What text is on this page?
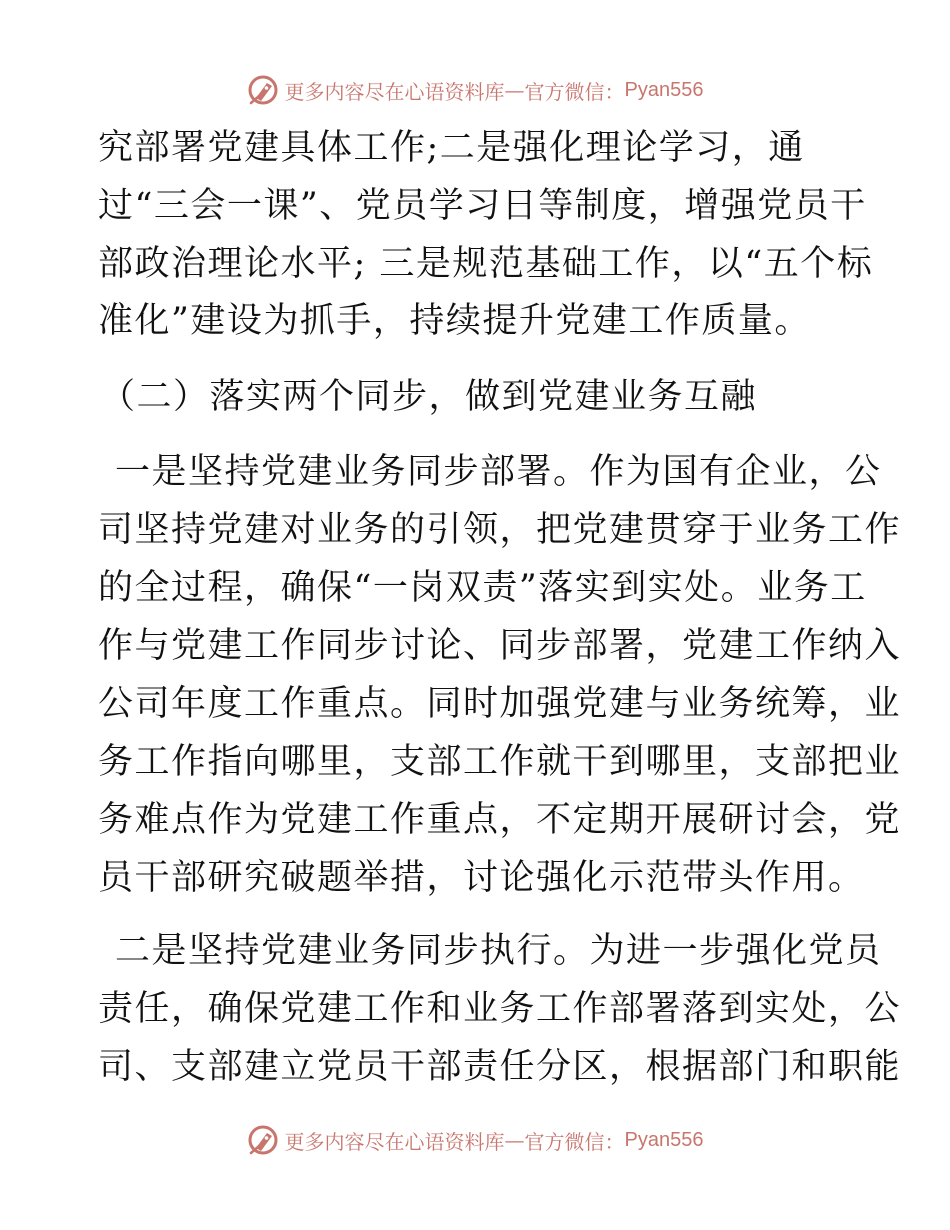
更多内容尽在心语资料库 — 官方微信： Pyan556
究部署党建具体工作;二是强化理论学习，通
过“三会一课”、党员学习日等制度，增强党员干
部政治理论水平; 三是规范基础工作，以“五个标
准化”建设为抓手，持续提升党建工作质量。
（二）落实两个同步，做到党建业务互融
一是坚持党建业务同步部署。作为国有企业，公
司坚持党建对业务的引领，把党建贯穿于业务工作
的全过程，确保“一岗双责”落实到实处。业务工
作与党建工作同步讨论、同步部署，党建工作纳入
公司年度工作重点。同时加强党建与业务统筹，业
务工作指向哪里，支部工作就干到哪里，支部把业
务难点作为党建工作重点，不定期开展研讨会，党
员干部研究破题举措，讨论强化示范带头作用。
二是坚持党建业务同步执行。为进一步强化党员
责任，确保党建工作和业务工作部署落到实处，公
司、支部建立党员干部责任分区，根据部门和职能
更多内容尽在心语资料库 — 官方微信： Pyan556
